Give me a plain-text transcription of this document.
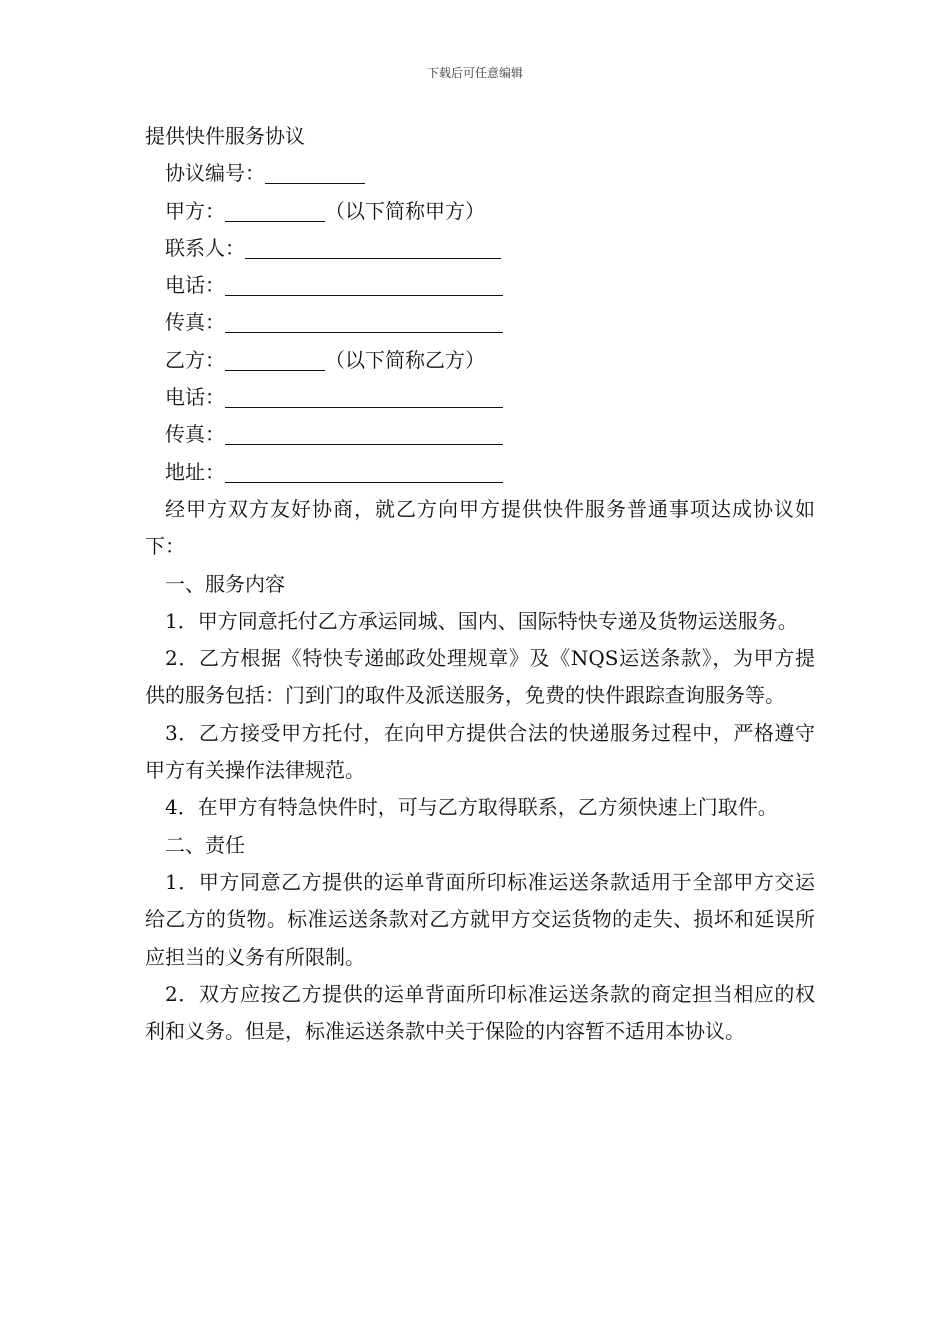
下载后可任意编辑
提供快件服务协议
协议编号：
甲方：	（以下简称甲方）
联系人：
电话：
传真：
乙方：	（以下简称乙方）
电话：
传真：
地址：
经甲方双方友好协商，就乙方向甲方提供快件服务普通事项达成协议如下：
一、服务内容
1．甲方同意托付乙方承运同城、国内、国际特快专递及货物运送服务。
2．乙方根据《特快专递邮政处理规章》及《NQS运送条款》，为甲方提供的服务包括：门到门的取件及派送服务，免费的快件跟踪查询服务等。
3．乙方接受甲方托付，在向甲方提供合法的快递服务过程中，严格遵守甲方有关操作法律规范。
4．在甲方有特急快件时，可与乙方取得联系，乙方须快速上门取件。
二、责任
1．甲方同意乙方提供的运单背面所印标准运送条款适用于全部甲方交运给乙方的货物。标准运送条款对乙方就甲方交运货物的走失、损坏和延误所应担当的义务有所限制。
2．双方应按乙方提供的运单背面所印标准运送条款的商定担当相应的权利和义务。但是，标准运送条款中关于保险的内容暂不适用本协议。
